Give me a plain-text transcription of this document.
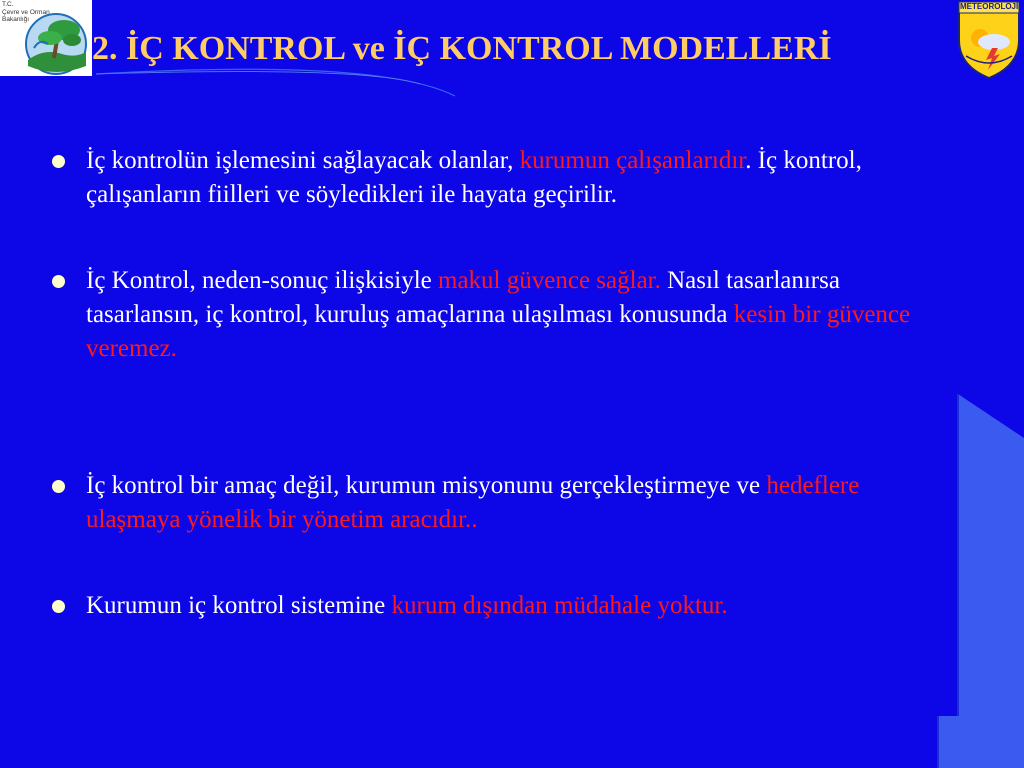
T.C.
Çevre ve Orman
Bakanlığı
2. İÇ KONTROL ve İÇ KONTROL MODELLERİ
METEOROLOJİ
İç kontrolün işlemesini sağlayacak olanlar, kurumun çalışanlarıdır. İç kontrol, çalışanların fiilleri ve söyledikleri ile hayata geçirilir.
İç Kontrol, neden-sonuç ilişkisiyle makul güvence sağlar. Nasıl tasarlanırsa tasarlansın, iç kontrol, kuruluş amaçlarına ulaşılması konusunda kesin bir güvence veremez.
İç kontrol bir amaç değil, kurumun misyonunu gerçekleştirmeye ve hedeflere ulaşmaya yönelik bir yönetim aracıdır..
Kurumun iç kontrol sistemine kurum dışından müdahale yoktur.
